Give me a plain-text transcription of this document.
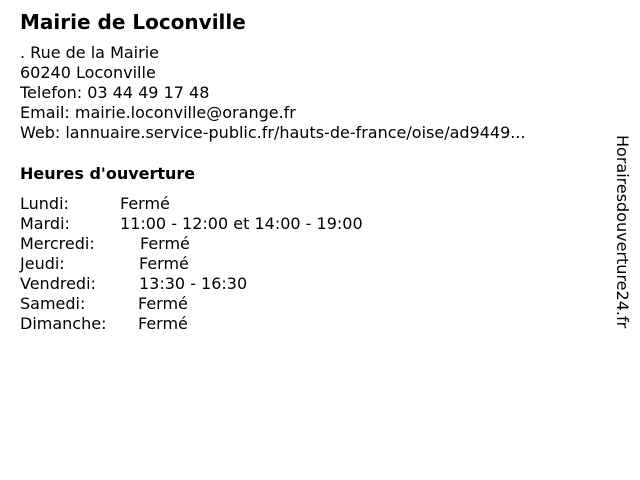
Mairie de Loconville
. Rue de la Mairie
60240 Loconville
Telefon: 03 44 49 17 48
Email: mairie.loconville@orange.fr
Web: lannuaire.service-public.fr/hauts-de-france/oise/ad9449...
Heures d'ouverture
Lundi:	Fermé
Mardi:	11:00 - 12:00 et 14:00 - 19:00
Mercredi:	Fermé
Jeudi:	Fermé
Vendredi:	13:30 - 16:30
Samedi:	Fermé
Dimanche: Fermé	Horairesdouverture24.fr
